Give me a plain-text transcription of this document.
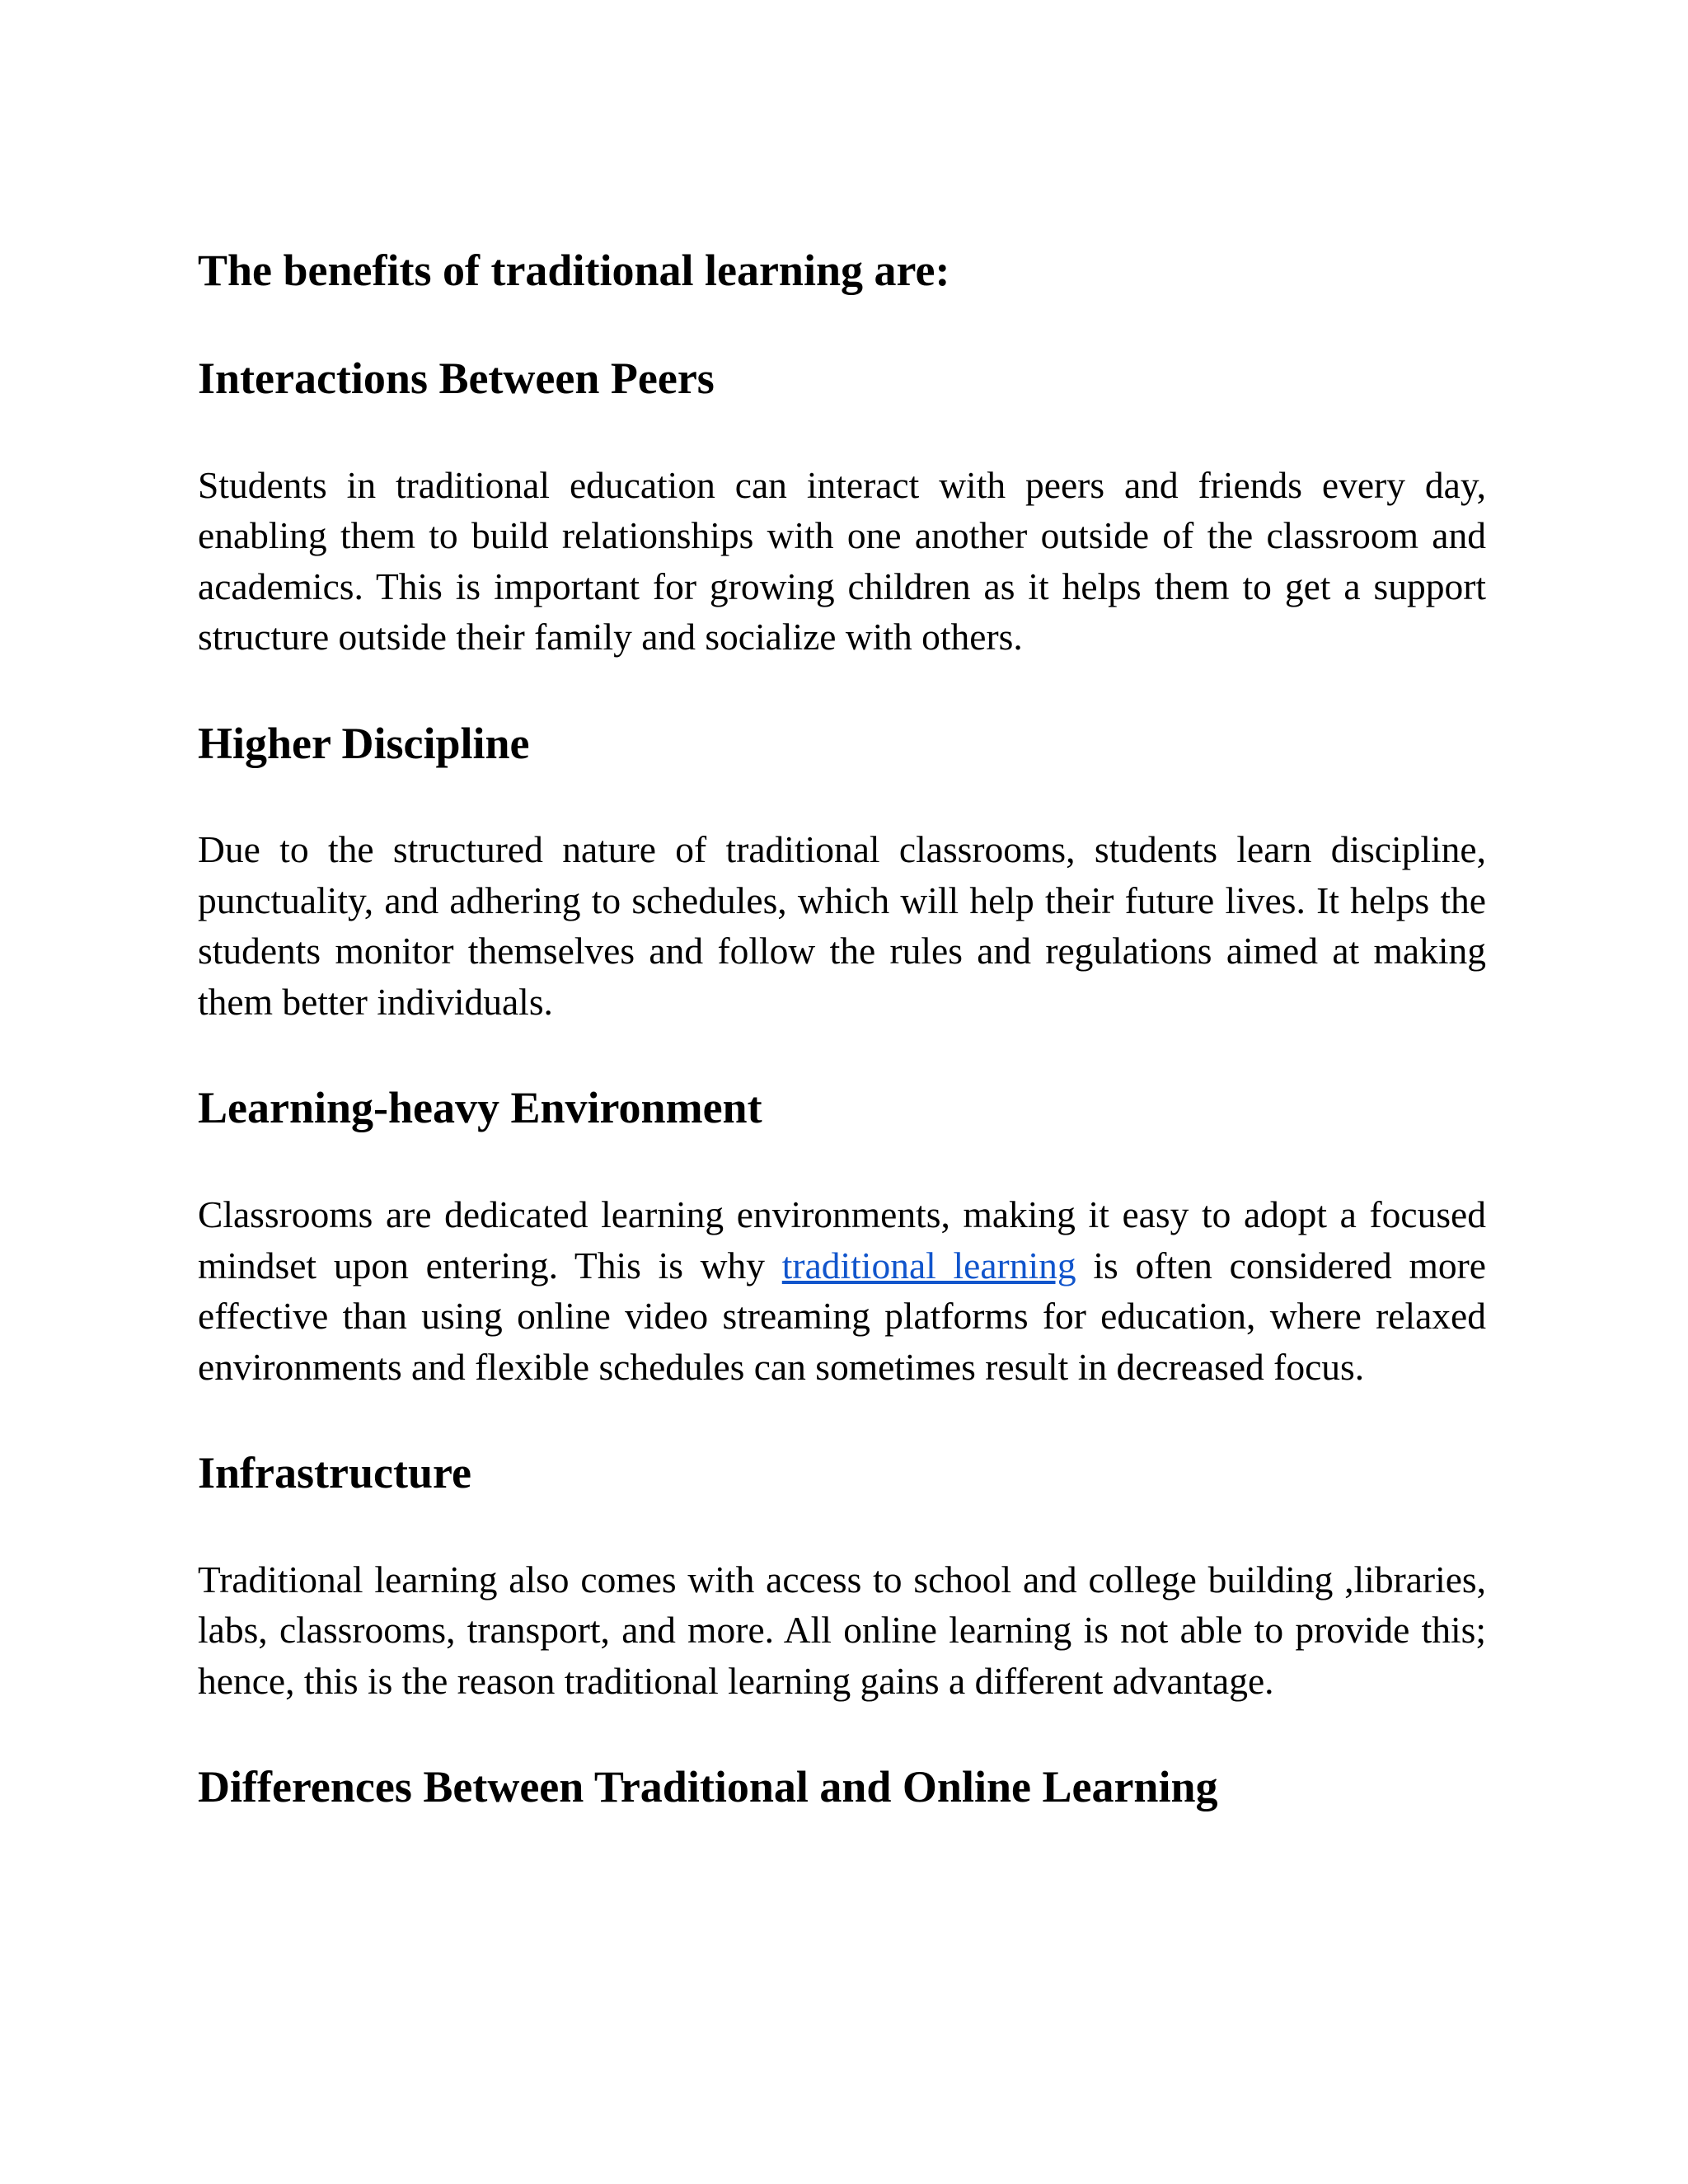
The benefits of traditional learning are:
Interactions Between Peers

Students in traditional education can interact with peers and friends every day, enabling them to build relationships with one another outside of the classroom and academics. This is important for growing children as it helps them to get a support structure outside their family and socialize with others.

Higher Discipline

Due to the structured nature of traditional classrooms, students learn discipline, punctuality, and adhering to schedules, which will help their future lives. It helps the students monitor themselves and follow the rules and regulations aimed at making them better individuals.

Learning-heavy Environment

Classrooms are dedicated learning environments, making it easy to adopt a focused mindset upon entering. This is why traditional learning is often considered more effective than using online video streaming platforms for education, where relaxed environments and flexible schedules can sometimes result in decreased focus.

Infrastructure

Traditional learning also comes with access to school and college building ,libraries, labs, classrooms, transport, and more. All online learning is not able to provide this; hence, this is the reason traditional learning gains a different advantage.

Differences Between Traditional and Online Learning
